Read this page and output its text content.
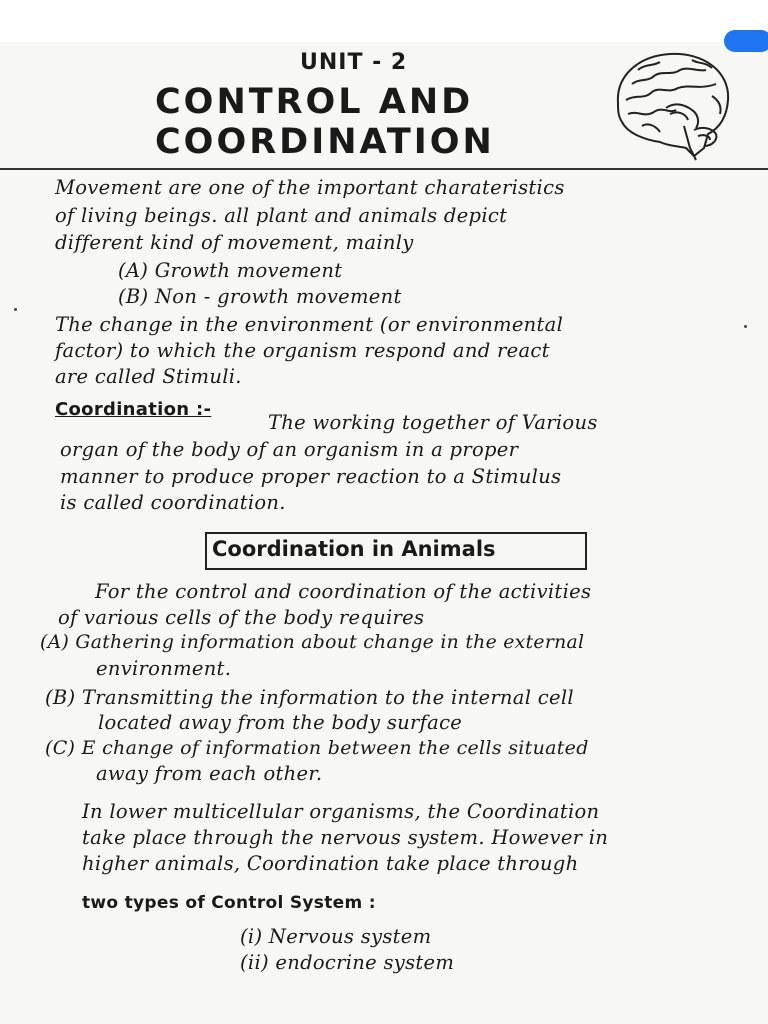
UNIT - 2
CONTROL AND
COORDINATION
Movement are one of the important charateristics
of living beings. all plant and animals depict
different kind of movement, mainly
(A) Growth movement
(B) Non - growth movement
The change in the environment (or environmental
factor) to which the organism respond and react
are called Stimuli.
Coordination :-
The working together of Various
organ of the body of an organism in a proper
manner to produce proper reaction to a Stimulus
is called coordination.
Coordination in Animals
For the control and coordination of the activities
of various cells of the body requires
(A) Gathering information about change in the external
environment.
(B) Transmitting the information to the internal cell
located away from the body surface
(C) E change of information between the cells situated
away from each other.
In lower multicellular organisms, the Coordination
take place through the nervous system. However in
higher animals, Coordination take place through
two types of Control System :
(i) Nervous system
(ii) endocrine system
